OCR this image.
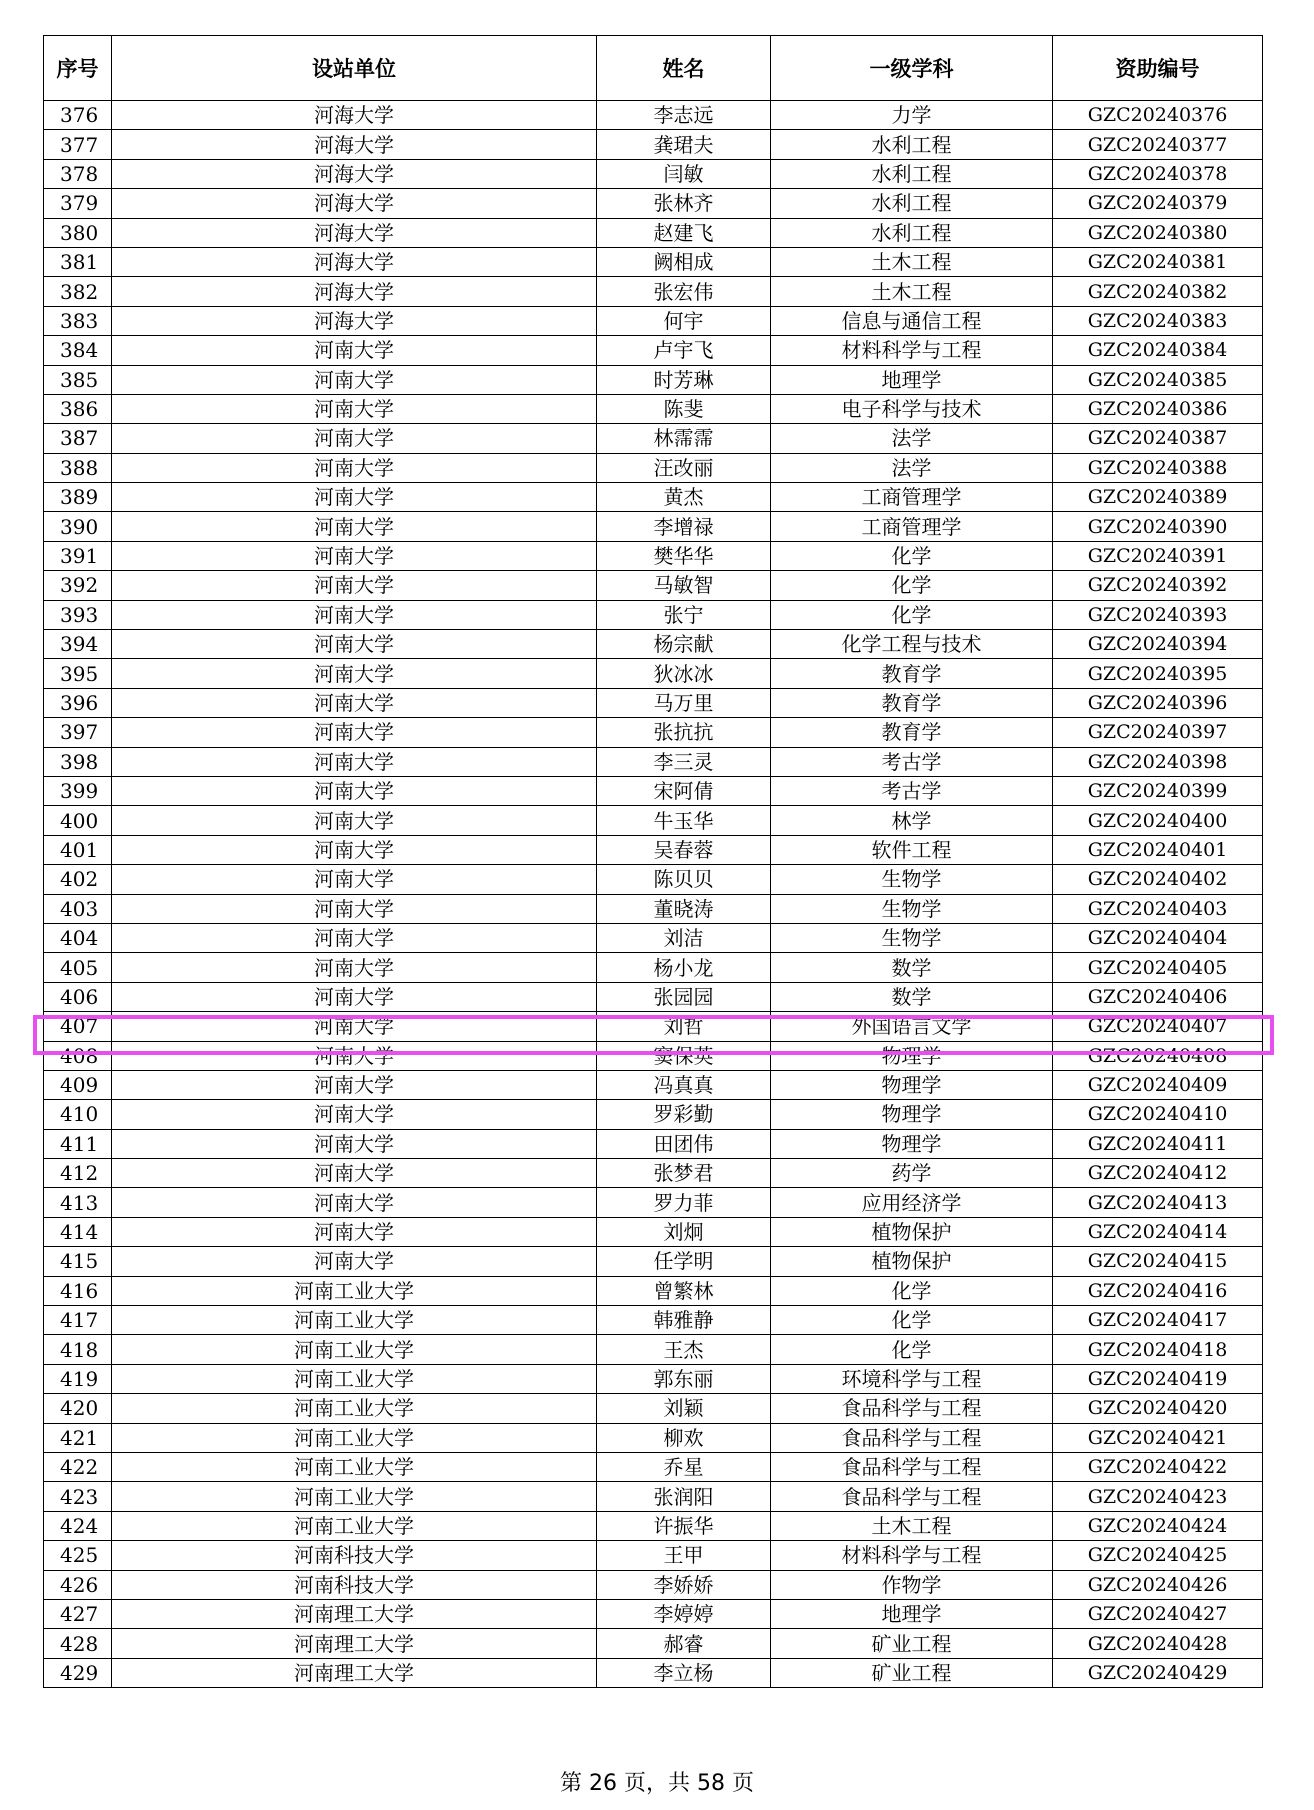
序号	设站单位	姓名	一级学科	资助编号
376	河海大学	李志远	力学	GZC20240376
377	河海大学	龚珺夫	水利工程	GZC20240377
378	河海大学	闫敏	水利工程	GZC20240378
379	河海大学	张林齐	水利工程	GZC20240379
380	河海大学	赵建飞	水利工程	GZC20240380
381	河海大学	阙相成	土木工程	GZC20240381
382	河海大学	张宏伟	土木工程	GZC20240382
383	河海大学	何宇	信息与通信工程	GZC20240383
384	河南大学	卢宇飞	材料科学与工程	GZC20240384
385	河南大学	时芳琳	地理学	GZC20240385
386	河南大学	陈斐	电子科学与技术	GZC20240386
387	河南大学	林霈霈	法学	GZC20240387
388	河南大学	汪改丽	法学	GZC20240388
389	河南大学	黄杰	工商管理学	GZC20240389
390	河南大学	李增禄	工商管理学	GZC20240390
391	河南大学	樊华华	化学	GZC20240391
392	河南大学	马敏智	化学	GZC20240392
393	河南大学	张宁	化学	GZC20240393
394	河南大学	杨宗献	化学工程与技术	GZC20240394
395	河南大学	狄冰冰	教育学	GZC20240395
396	河南大学	马万里	教育学	GZC20240396
397	河南大学	张抗抗	教育学	GZC20240397
398	河南大学	李三灵	考古学	GZC20240398
399	河南大学	宋阿倩	考古学	GZC20240399
400	河南大学	牛玉华	林学	GZC20240400
401	河南大学	吴春蓉	软件工程	GZC20240401
402	河南大学	陈贝贝	生物学	GZC20240402
403	河南大学	董晓涛	生物学	GZC20240403
404	河南大学	刘洁	生物学	GZC20240404
405	河南大学	杨小龙	数学	GZC20240405
406	河南大学	张园园	数学	GZC20240406
407	河南大学	刘哲	外国语言文学	GZC20240407
408	河南大学	窦保英	物理学	GZC20240408
409	河南大学	冯真真	物理学	GZC20240409
410	河南大学	罗彩勤	物理学	GZC20240410
411	河南大学	田团伟	物理学	GZC20240411
412	河南大学	张梦君	药学	GZC20240412
413	河南大学	罗力菲	应用经济学	GZC20240413
414	河南大学	刘炯	植物保护	GZC20240414
415	河南大学	任学明	植物保护	GZC20240415
416	河南工业大学	曾繁林	化学	GZC20240416
417	河南工业大学	韩雅静	化学	GZC20240417
418	河南工业大学	王杰	化学	GZC20240418
419	河南工业大学	郭东丽	环境科学与工程	GZC20240419
420	河南工业大学	刘颖	食品科学与工程	GZC20240420
421	河南工业大学	柳欢	食品科学与工程	GZC20240421
422	河南工业大学	乔星	食品科学与工程	GZC20240422
423	河南工业大学	张润阳	食品科学与工程	GZC20240423
424	河南工业大学	许振华	土木工程	GZC20240424
425	河南科技大学	王甲	材料科学与工程	GZC20240425
426	河南科技大学	李娇娇	作物学	GZC20240426
427	河南理工大学	李婷婷	地理学	GZC20240427
428	河南理工大学	郝睿	矿业工程	GZC20240428
429	河南理工大学	李立杨	矿业工程	GZC20240429
第 26 页，共 58 页
